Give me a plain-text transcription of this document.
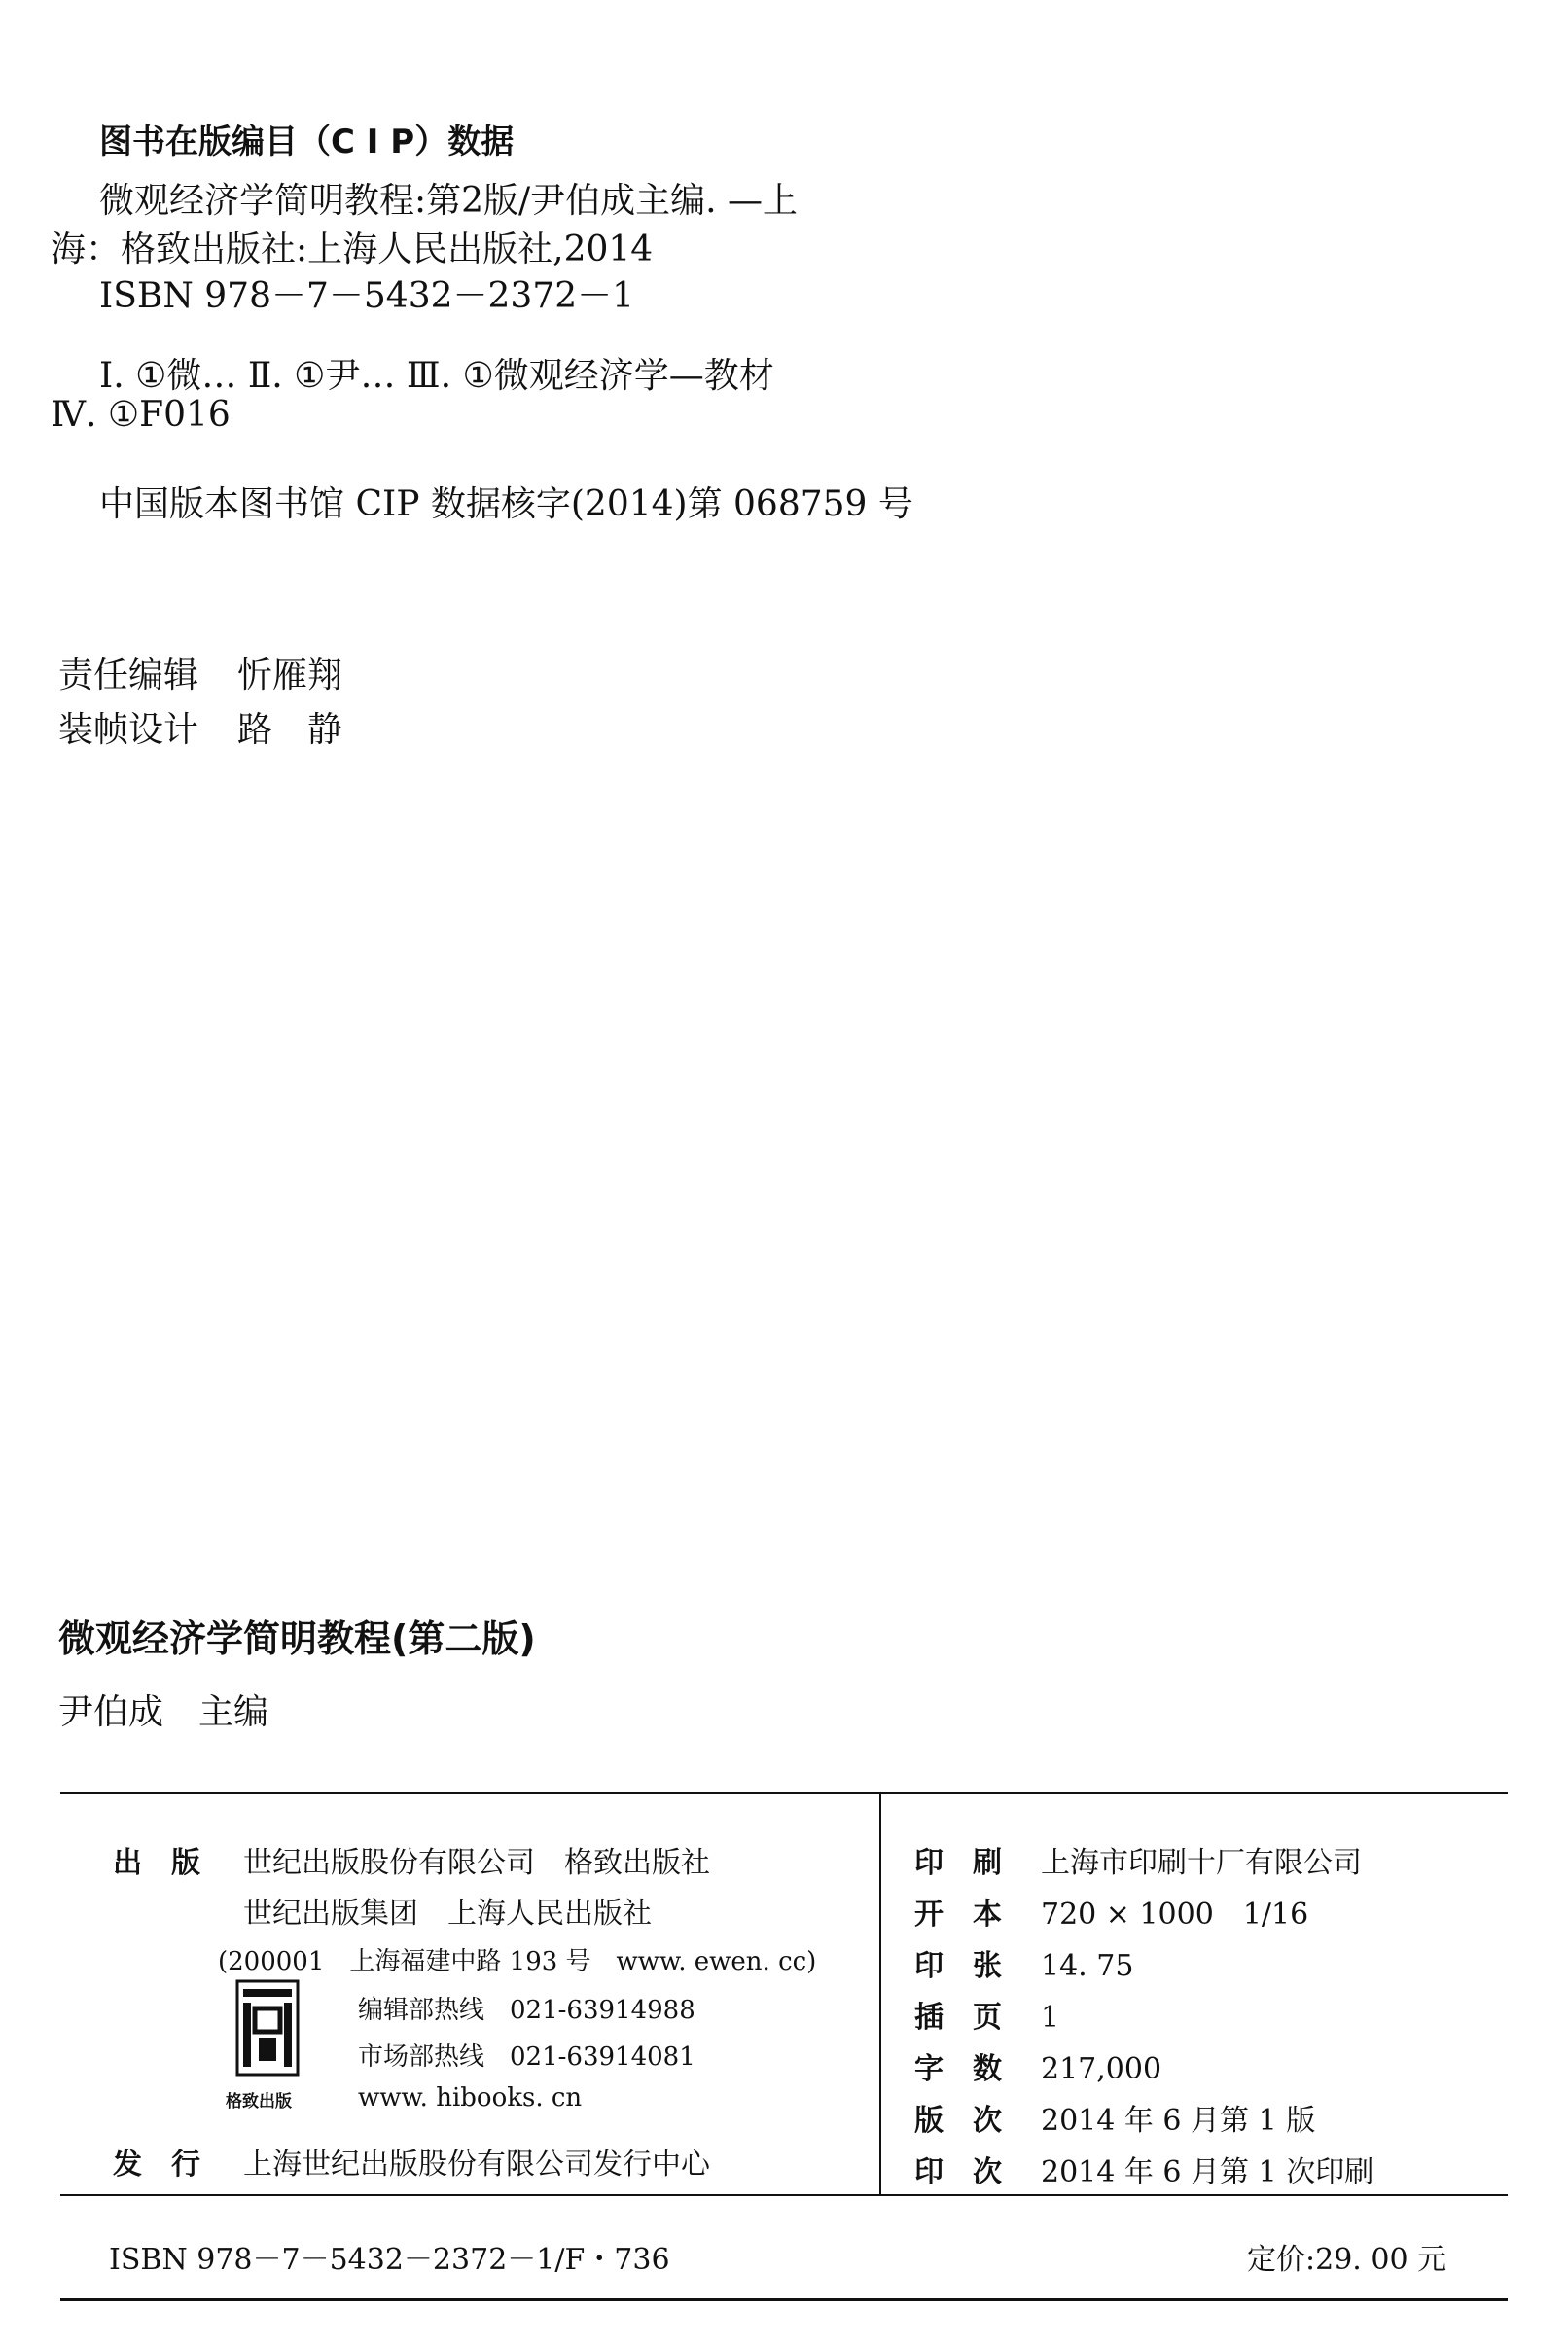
图书在版编目（C I P）数据
微观经济学简明教程:第2版/尹伯成主编. —上
海：格致出版社:上海人民出版社,2014
ISBN 978－7－5432－2372－1
Ⅰ. ①微… Ⅱ. ①尹… Ⅲ. ①微观经济学—教材
Ⅳ. ①F016
中国版本图书馆 CIP 数据核字(2014)第 068759 号
责任编辑 忻雁翔
装帧设计 路　静
微观经济学简明教程(第二版)
尹伯成　主编
出　版 世纪出版股份有限公司　格致出版社
世纪出版集团　上海人民出版社
(200001　上海福建中路 193 号　www. ewen. cc)
格致出版
编辑部热线　021-63914988
市场部热线　021-63914081
www. hibooks. cn
发　行 上海世纪出版股份有限公司发行中心
印　刷 上海市印刷十厂有限公司
开　本 720 × 1000　1/16
印　张 14. 75
插　页 1
字　数 217,000
版　次 2014 年 6 月第 1 版
印　次 2014 年 6 月第 1 次印刷
ISBN 978－7－5432－2372－1/F・736	定价:29. 00 元
